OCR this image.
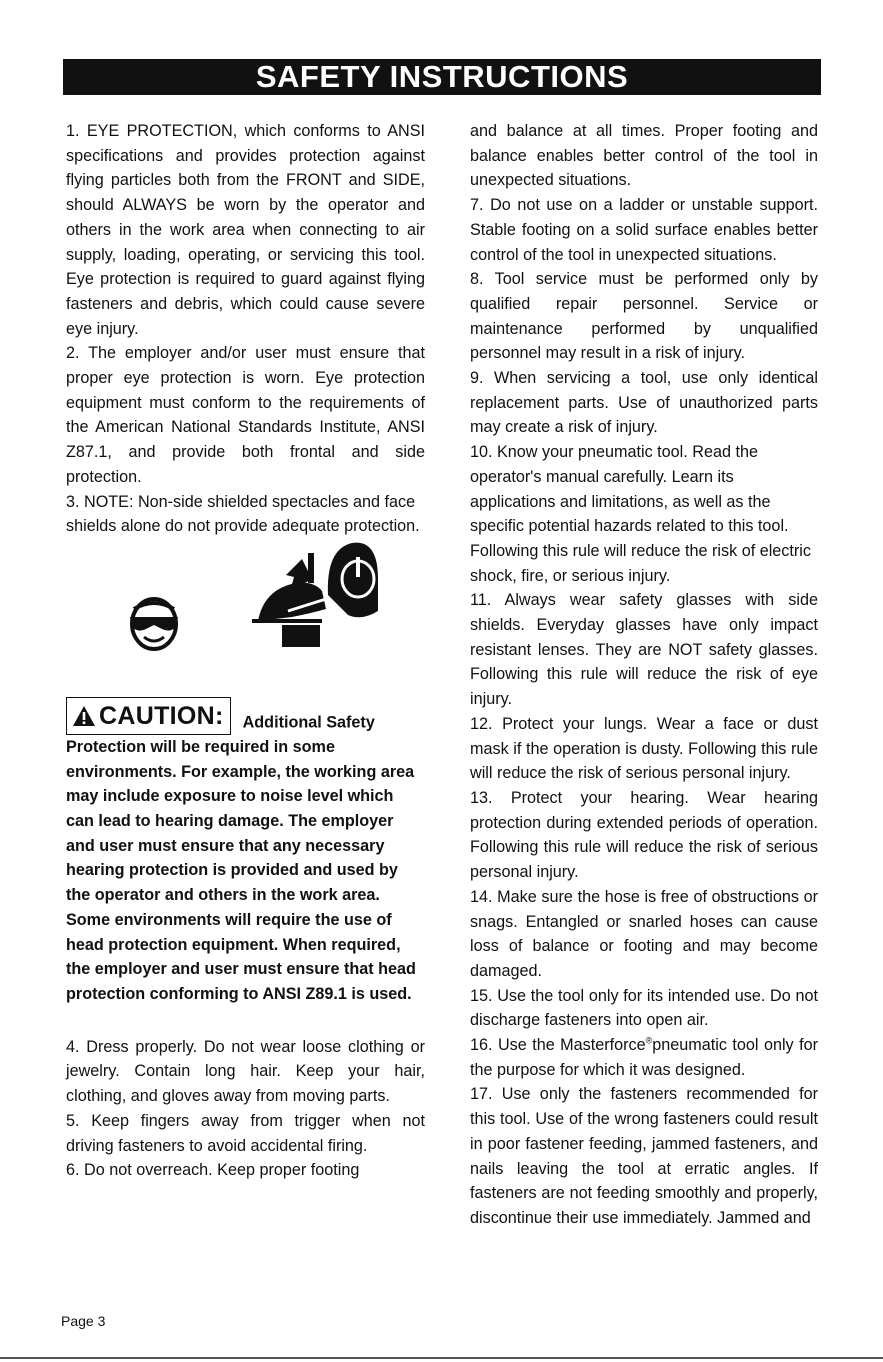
SAFETY INSTRUCTIONS

1. EYE PROTECTION, which conforms to ANSI specifications and provides protection against flying particles both from the FRONT and SIDE, should ALWAYS be worn by the operator and others in the work area when connecting to air supply, loading, operating, or servicing this tool. Eye protection is required to guard against flying fasteners and debris, which could cause severe eye injury.

2. The employer and/or user must ensure that proper eye protection is worn. Eye protection equipment must conform to the requirements of the American National Standards Institute, ANSI Z87.1, and provide both frontal and side protection.

3. NOTE: Non-side shielded spectacles and face shields alone do not provide adequate protection.

CAUTION: Additional Safety Protection will be required in some environments. For example, the working area may include exposure to noise level which can lead to hearing damage. The employer and user must ensure that any necessary hearing protection is provided and used by the operator and others in the work area. Some environments will require the use of head protection equipment. When required, the employer and user must ensure that head protection conforming to ANSI Z89.1 is used.

4. Dress properly. Do not wear loose clothing or jewelry. Contain long hair. Keep your hair, clothing, and gloves away from moving parts.

5. Keep fingers away from trigger when not driving fasteners to avoid accidental firing.

6. Do not overreach. Keep proper footing

and balance at all times. Proper footing and balance enables better control of the tool in unexpected situations.

7. Do not use on a ladder or unstable support. Stable footing on a solid surface enables better control of the tool in unexpected situations.

8. Tool service must be performed only by qualified repair personnel. Service or maintenance performed by unqualified personnel may result in a risk of injury.

9. When servicing a tool, use only identical replacement parts. Use of unauthorized parts may create a risk of injury.

10. Know your pneumatic tool. Read the operator's manual carefully. Learn its applications and limitations, as well as the specific potential hazards related to this tool. Following this rule will reduce the risk of electric shock, fire, or serious injury.

11. Always wear safety glasses with side shields. Everyday glasses have only impact resistant lenses. They are NOT safety glasses. Following this rule will reduce the risk of eye injury.

12. Protect your lungs. Wear a face or dust mask if the operation is dusty. Following this rule will reduce the risk of serious personal injury.

13. Protect your hearing. Wear hearing protection during extended periods of operation. Following this rule will reduce the risk of serious personal injury.

14. Make sure the hose is free of obstructions or snags. Entangled or snarled hoses can cause loss of balance or footing and may become damaged.

15. Use the tool only for its intended use. Do not discharge fasteners into open air.

16. Use the Masterforce®pneumatic tool only for the purpose for which it was designed.

17. Use only the fasteners recommended for this tool. Use of the wrong fasteners could result in poor fastener feeding, jammed fasteners, and nails leaving the tool at erratic angles. If fasteners are not feeding smoothly and properly, discontinue their use immediately. Jammed and

Page 3
